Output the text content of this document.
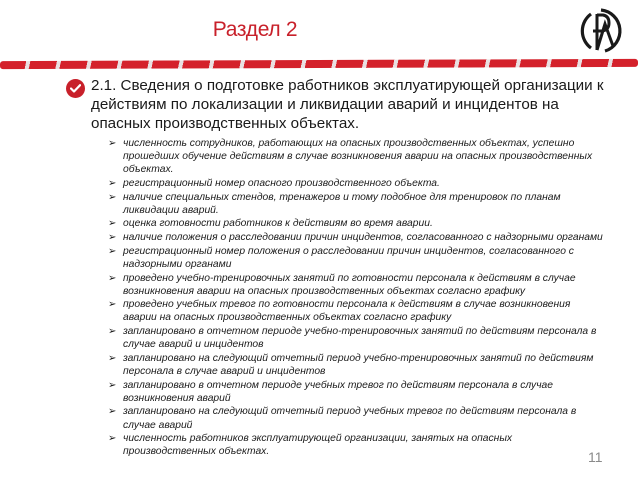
Раздел 2
2.1. Сведения о подготовке работников эксплуатирующей организации к действиям по локализации и ликвидации аварий и инцидентов на опасных производственных объектах.
➢ численность сотрудников, работающих на опасных производственных объектах, успешно прошедших обучение действиям в случае возникновения аварии на опасных производственных объектах.
➢ регистрационный номер опасного производственного объекта.
➢ наличие специальных стендов, тренажеров и тому подобное для тренировок по планам ликвидации аварий.
➢ оценка готовности работников к действиям во время аварии.
➢ наличие положения о расследовании причин инцидентов, согласованного с надзорными органами
➢ регистрационный номер положения о расследовании причин инцидентов, согласованного с надзорными органами
➢ проведено учебно-тренировочных занятий по готовности персонала к действиям в случае возникновения аварии на опасных производственных объектах согласно графику
➢ проведено учебных тревог по готовности персонала к действиям в случае возникновения аварии на опасных производственных объектах согласно графику
➢ запланировано в отчетном периоде учебно-тренировочных занятий по действиям персонала в случае аварий и инцидентов
➢ запланировано на следующий отчетный период учебно-тренировочных занятий по действиям персонала в случае аварий и инцидентов
➢ запланировано в отчетном периоде учебных тревог по действиям персонала в случае возникновения аварий
➢ запланировано на следующий отчетный период учебных тревог по действиям персонала в случае аварий
➢ численность работников эксплуатирующей организации, занятых на опасных производственных объектах.	11
